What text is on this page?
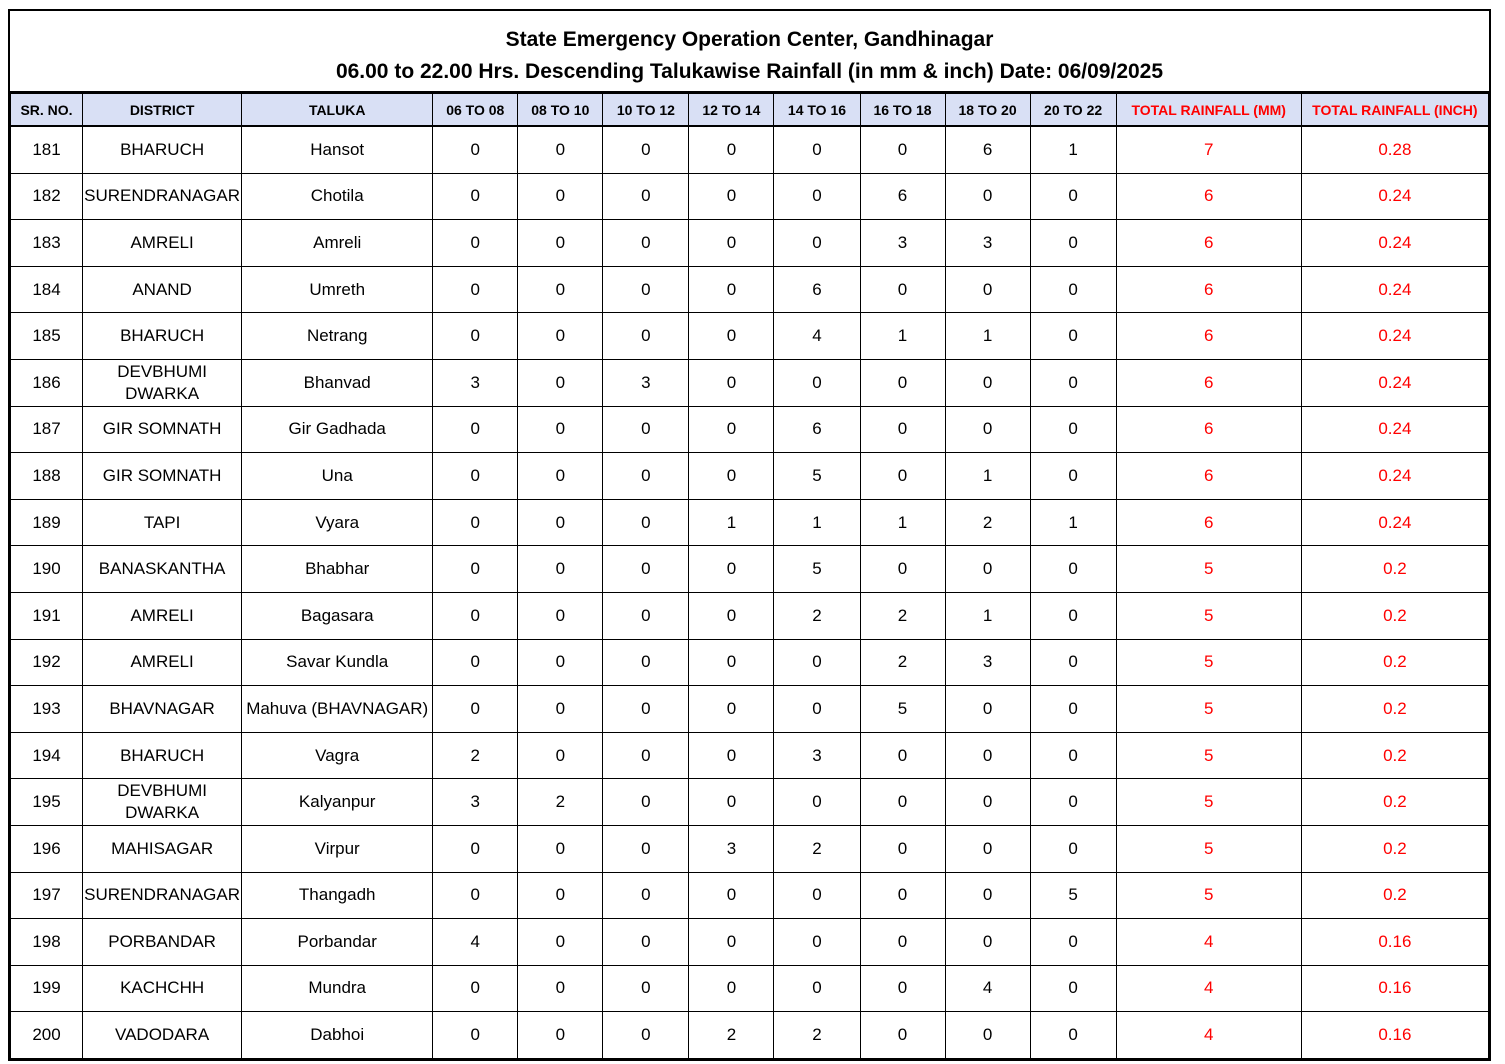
State Emergency Operation Center, Gandhinagar
06.00 to 22.00 Hrs. Descending Talukawise Rainfall (in mm & inch) Date: 06/09/2025
SR. NO.	DISTRICT	TALUKA	06 TO 08	08 TO 10	10 TO 12	12 TO 14	14 TO 16	16 TO 18	18 TO 20	20 TO 22	TOTAL RAINFALL (MM)	TOTAL RAINFALL (INCH)
181	BHARUCH	Hansot	0	0	0	0	0	0	6	1	7	0.28
182	SURENDRANAGAR	Chotila	0	0	0	0	0	6	0	0	6	0.24
183	AMRELI	Amreli	0	0	0	0	0	3	3	0	6	0.24
184	ANAND	Umreth	0	0	0	0	6	0	0	0	6	0.24
185	BHARUCH	Netrang	0	0	0	0	4	1	1	0	6	0.24
186	DEVBHUMI DWARKA	Bhanvad	3	0	3	0	0	0	0	0	6	0.24
187	GIR SOMNATH	Gir Gadhada	0	0	0	0	6	0	0	0	6	0.24
188	GIR SOMNATH	Una	0	0	0	0	5	0	1	0	6	0.24
189	TAPI	Vyara	0	0	0	1	1	1	2	1	6	0.24
190	BANASKANTHA	Bhabhar	0	0	0	0	5	0	0	0	5	0.2
191	AMRELI	Bagasara	0	0	0	0	2	2	1	0	5	0.2
192	AMRELI	Savar Kundla	0	0	0	0	0	2	3	0	5	0.2
193	BHAVNAGAR	Mahuva (BHAVNAGAR)	0	0	0	0	0	5	0	0	5	0.2
194	BHARUCH	Vagra	2	0	0	0	3	0	0	0	5	0.2
195	DEVBHUMI DWARKA	Kalyanpur	3	2	0	0	0	0	0	0	5	0.2
196	MAHISAGAR	Virpur	0	0	0	3	2	0	0	0	5	0.2
197	SURENDRANAGAR	Thangadh	0	0	0	0	0	0	0	5	5	0.2
198	PORBANDAR	Porbandar	4	0	0	0	0	0	0	0	4	0.16
199	KACHCHH	Mundra	0	0	0	0	0	0	4	0	4	0.16
200	VADODARA	Dabhoi	0	0	0	2	2	0	0	0	4	0.16
